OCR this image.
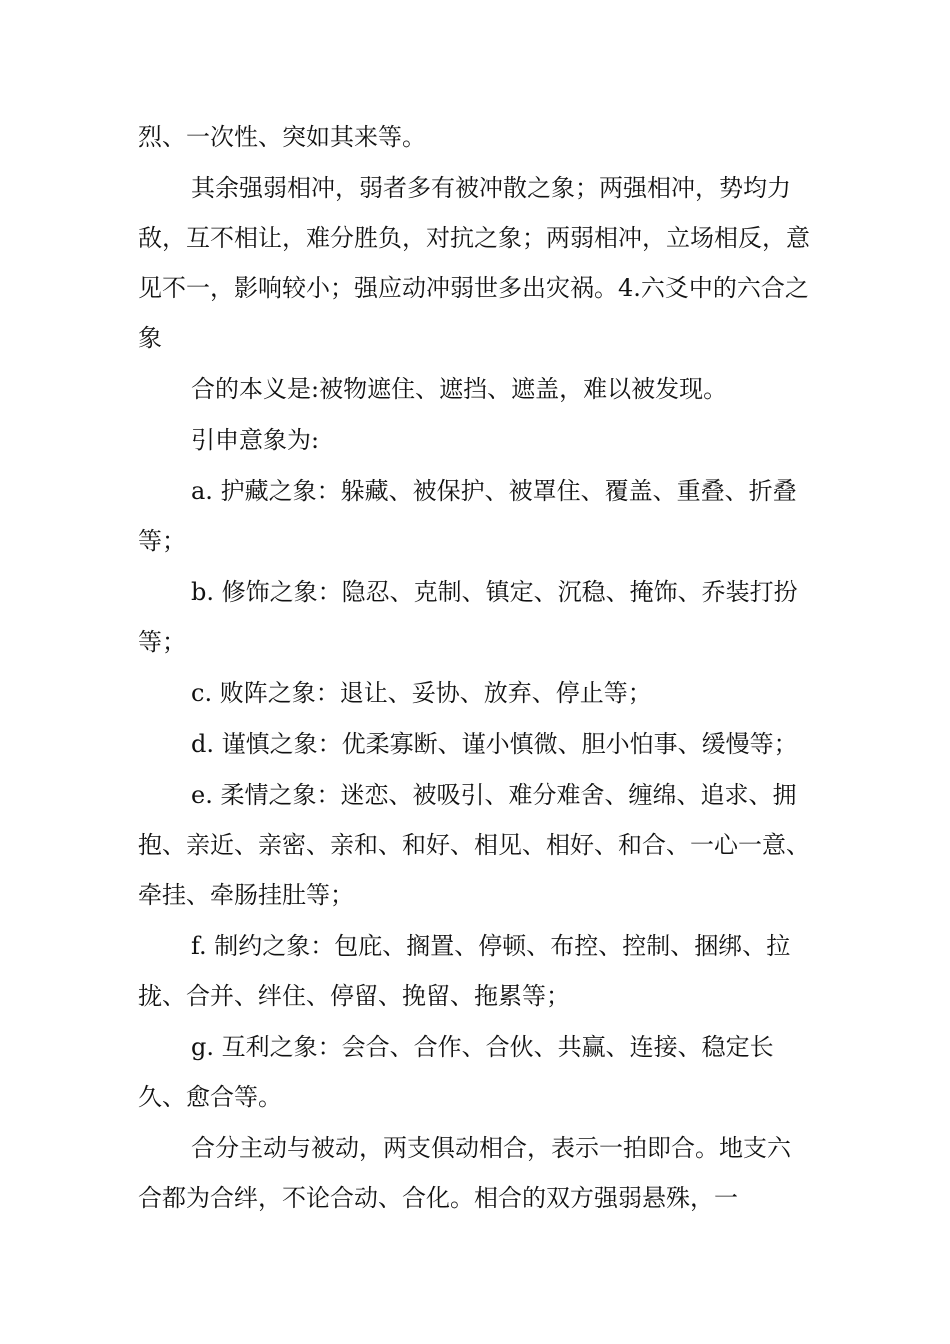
烈、一次性、突如其来等。

其余强弱相冲，弱者多有被冲散之象；两强相冲，势均力敌，互不相让，难分胜负，对抗之象；两弱相冲，立场相反，意见不一，影响较小；强应动冲弱世多出灾祸。4.六爻中的六合之象

合的本义是:被物遮住、遮挡、遮盖，难以被发现。

引申意象为:

a. 护藏之象：躲藏、被保护、被罩住、覆盖、重叠、折叠等；

b. 修饰之象：隐忍、克制、镇定、沉稳、掩饰、乔装打扮等；

c. 败阵之象：退让、妥协、放弃、停止等；

d. 谨慎之象：优柔寡断、谨小慎微、胆小怕事、缓慢等；

e. 柔情之象：迷恋、被吸引、难分难舍、缠绵、追求、拥抱、亲近、亲密、亲和、和好、相见、相好、和合、一心一意、牵挂、牵肠挂肚等；

f. 制约之象：包庇、搁置、停顿、布控、控制、捆绑、拉拢、合并、绊住、停留、挽留、拖累等；

g. 互利之象：会合、合作、合伙、共赢、连接、稳定长久、愈合等。

合分主动与被动，两支俱动相合，表示一拍即合。地支六合都为合绊，不论合动、合化。相合的双方强弱悬殊，一
